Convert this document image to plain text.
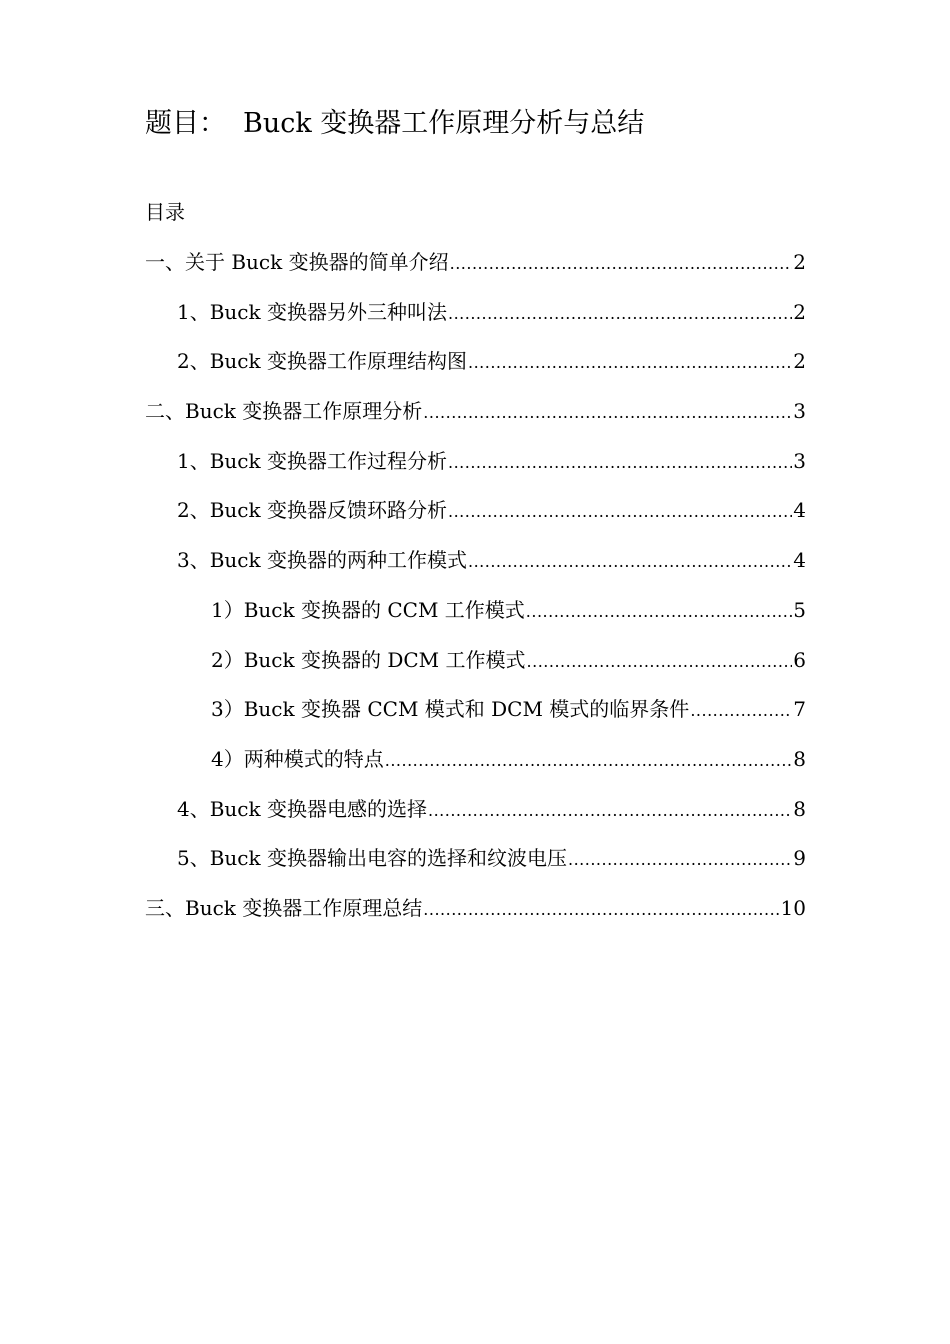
题目： Buck 变换器工作原理分析与总结
目录
一、关于 Buck 变换器的简单介绍 .....	2
1、Buck 变换器另外三种叫法 .....	2
2、Buck 变换器工作原理结构图 .....	2
二、Buck 变换器工作原理分析 .....	3
1、Buck 变换器工作过程分析 .....	3
2、Buck 变换器反馈环路分析 .....	4
3、Buck 变换器的两种工作模式 .....	4
1）Buck 变换器的 CCM 工作模式 .....	5
2）Buck 变换器的 DCM 工作模式 .....	6
3）Buck 变换器 CCM 模式和 DCM 模式的临界条件 .....	7
4）两种模式的特点 .....	8
4、Buck 变换器电感的选择 .....	8
5、Buck 变换器输出电容的选择和纹波电压 .....	9
三、Buck 变换器工作原理总结 .....	10
